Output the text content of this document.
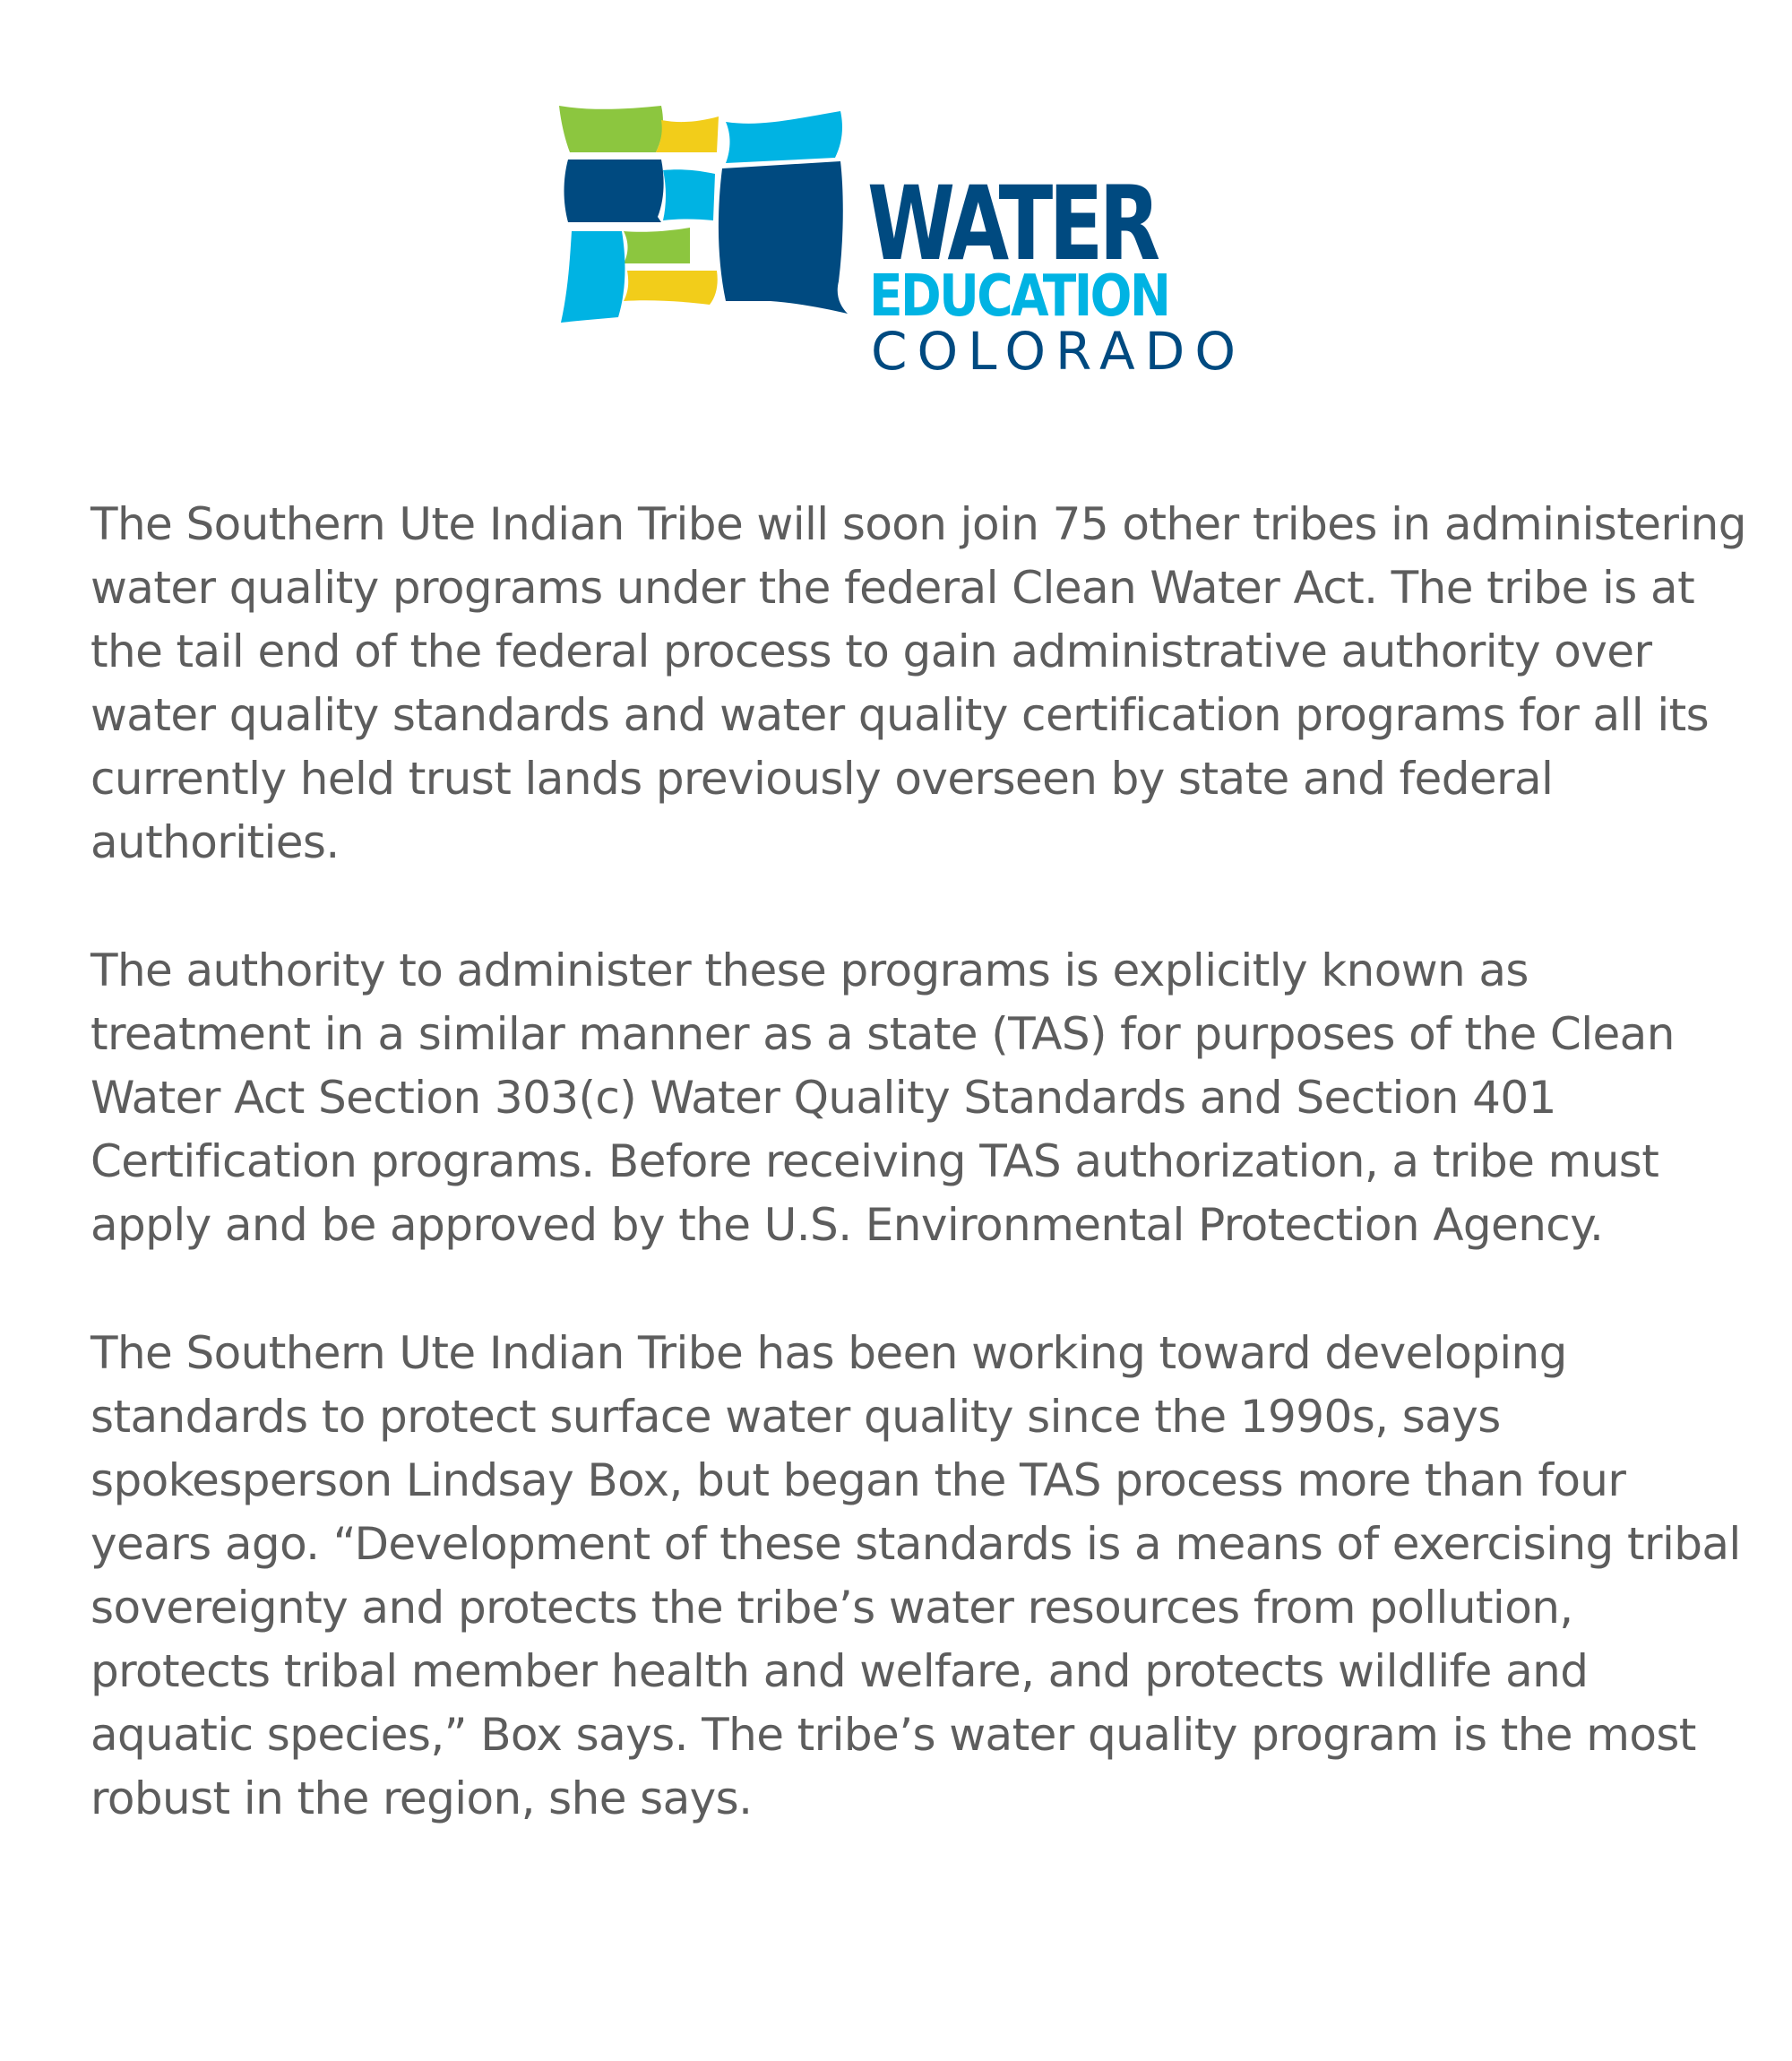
WATER
EDUCATION
COLORADO

The Southern Ute Indian Tribe will soon join 75 other tribes in administering water quality programs under the federal Clean Water Act. The tribe is at the tail end of the federal process to gain administrative authority over water quality standards and water quality certification programs for all its currently held trust lands previously overseen by state and federal authorities.

The authority to administer these programs is explicitly known as treatment in a similar manner as a state (TAS) for purposes of the Clean Water Act Section 303(c) Water Quality Standards and Section 401 Certification programs. Before receiving TAS authorization, a tribe must apply and be approved by the U.S. Environmental Protection Agency.

The Southern Ute Indian Tribe has been working toward developing standards to protect surface water quality since the 1990s, says spokesperson Lindsay Box, but began the TAS process more than four years ago. “Development of these standards is a means of exercising tribal sovereignty and protects the tribe’s water resources from pollution, protects tribal member health and welfare, and protects wildlife and aquatic species,” Box says. The tribe’s water quality program is the most robust in the region, she says.
